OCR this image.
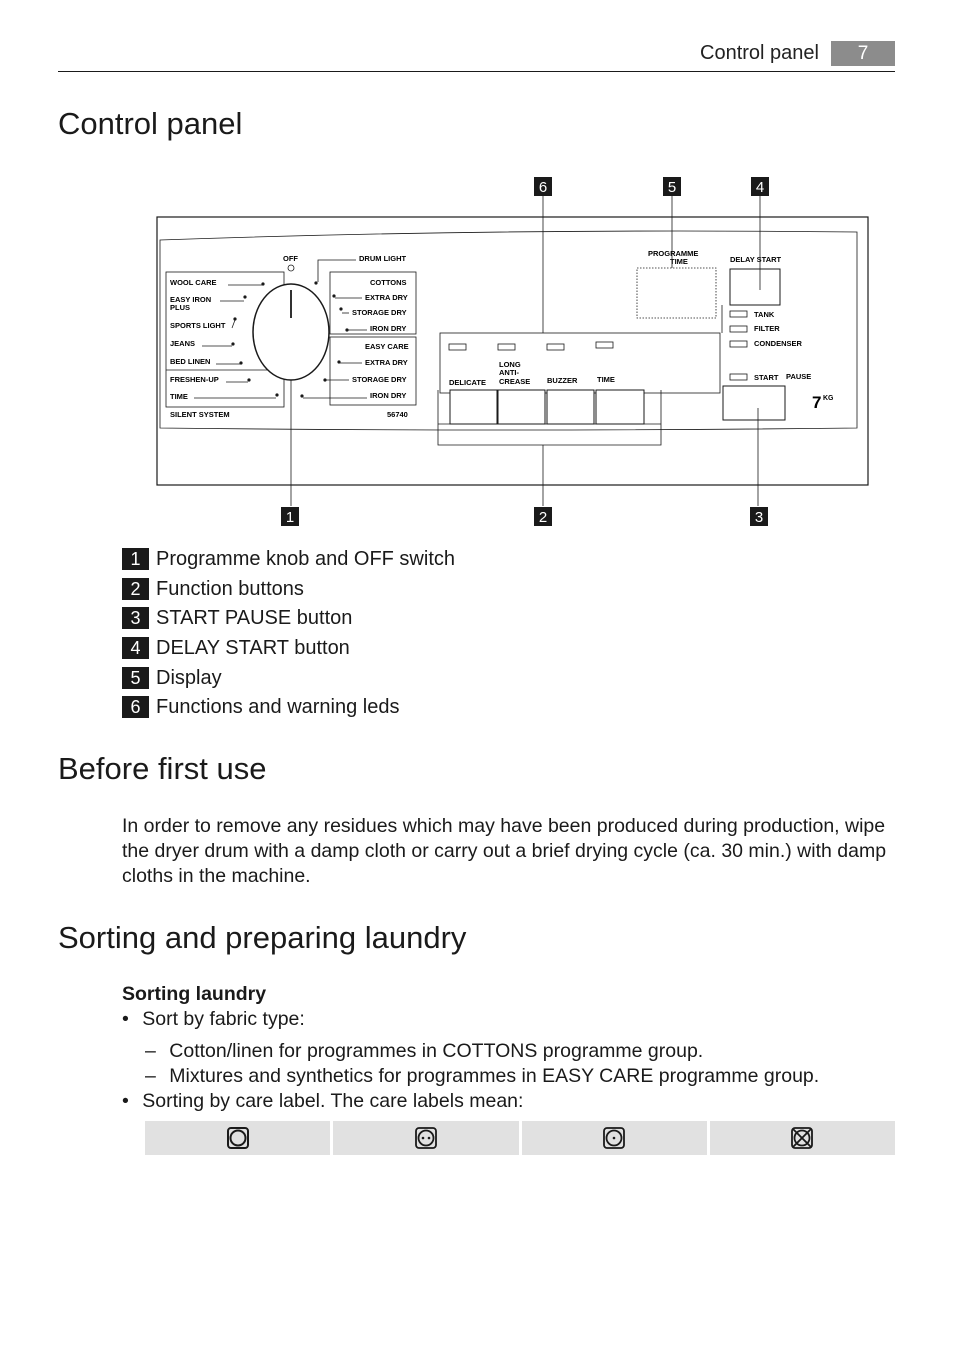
Control panel	7
Control panel
OFF	DRUM LIGHT
WOOL CARE
EASY IRON
PLUS
SPORTS LIGHT
JEANS
BED LINEN
FRESHEN-UP
TIME
SILENT SYSTEM
COTTONS
EXTRA DRY
STORAGE DRY
IRON DRY
EASY CARE
EXTRA DRY
STORAGE DRY
IRON DRY
56740
DELICATE
LONG
ANTI-
CREASE BUZZER	TIME
PROGRAMME
TIME	DELAY START
TANK
FILTER
CONDENSER
START PAUSE
7 KG
6	5	4
1	2	3
1 Programme knob and OFF switch
2 Function buttons
3 START PAUSE button
4 DELAY START button
5 Display
6 Functions and warning leds
Before first use

In order to remove any residues which may have been produced during production, wipe the dryer drum with a damp cloth or carry out a brief drying cycle (ca. 30 min.) with damp cloths in the machine.

Sorting and preparing laundry
Sorting laundry
• Sort by fabric type:
– Cotton/linen for programmes in COTTONS programme group.
– Mixtures and synthetics for programmes in EASY CARE programme group.
• Sorting by care label. The care labels mean:
